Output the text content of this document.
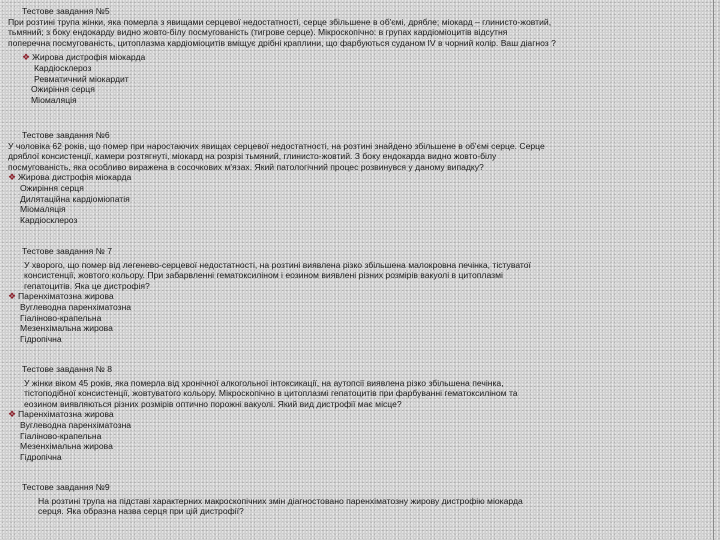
Тестове завдання №5
При розтині трупа жінки, яка померла з явищами серцевої недостатності, серце збільшене в об'ємі, дрябле; міокард – глинисто-жовтий,
тьмяний; з боку ендокарду видно жовто-білу посмугованість (тигрове серце). Мікроскопічно: в групах кардіоміоцитів відсутня
поперечна посмугованість, цитоплазма кардіоміоцитів вміщує дрібні краплини, що фарбуються суданом IV в чорний колір. Ваш діагноз ?
❖ Жирова дистрофія міокарда
Кардіосклероз
Ревматичний міокардит
Ожиріння серця
Міомаляція
Тестове завдання №6
У чоловіка 62 років, що помер при наростаючих явищах серцевої недостатності, на розтині знайдено збільшене в об'ємі серце. Серце
дряблої консистенції, камери розтягнуті, міокард на розрізі тьмяний, глинисто-жовтий. З боку ендокарда видно жовто-білу
посмугованість, яка особливо виражена в сосочкових м'язах. Який патологічний процес розвинувся у даному випадку?
❖ Жирова дистрофія міокарда
Ожиріння серця
Дилятаційна кардіоміопатія
Міомаляція
Кардіосклероз
Тестове завдання № 7
У хворого, що помер від легенево-серцевої недостатності, на розтині виявлена різко збільшена малокровна печінка, тістуватої
консистенції, жовтого кольору. При забарвленні гематоксиліном і еозином виявлені різних розмірів вакуолі в цитоплазмі
гепатоцитів. Яка це дистрофія?
❖ Паренхіматозна жирова
Вуглеводна паренхіматозна
Гіаліново-крапельна
Мезенхімальна жирова
Гідропічна
Тестове завдання № 8
У жінки віком 45 років, яка померла від хронічної алкогольної інтоксикації, на аутопсії виявлена різко збільшена печінка,
тістоподібної консистенції, жовтуватого кольору. Мікроскопічно в цитоплазмі гепатоцитів при фарбуванні гематоксиліном та
еозином виявляються різних розмірів оптично порожні вакуолі. Який вид дистрофії має місце?
❖ Паренхіматозна жирова
Вуглеводна паренхіматозна
Гіаліново-крапельна
Мезенхімальна жирова
Гідропічна
Тестове завдання №9
На розтині трупа на підставі характерних макроскопічних змін діагностовано паренхіматозну жирову дистрофію міокарда
серця. Яка образна назва серця при цій дистрофії?
